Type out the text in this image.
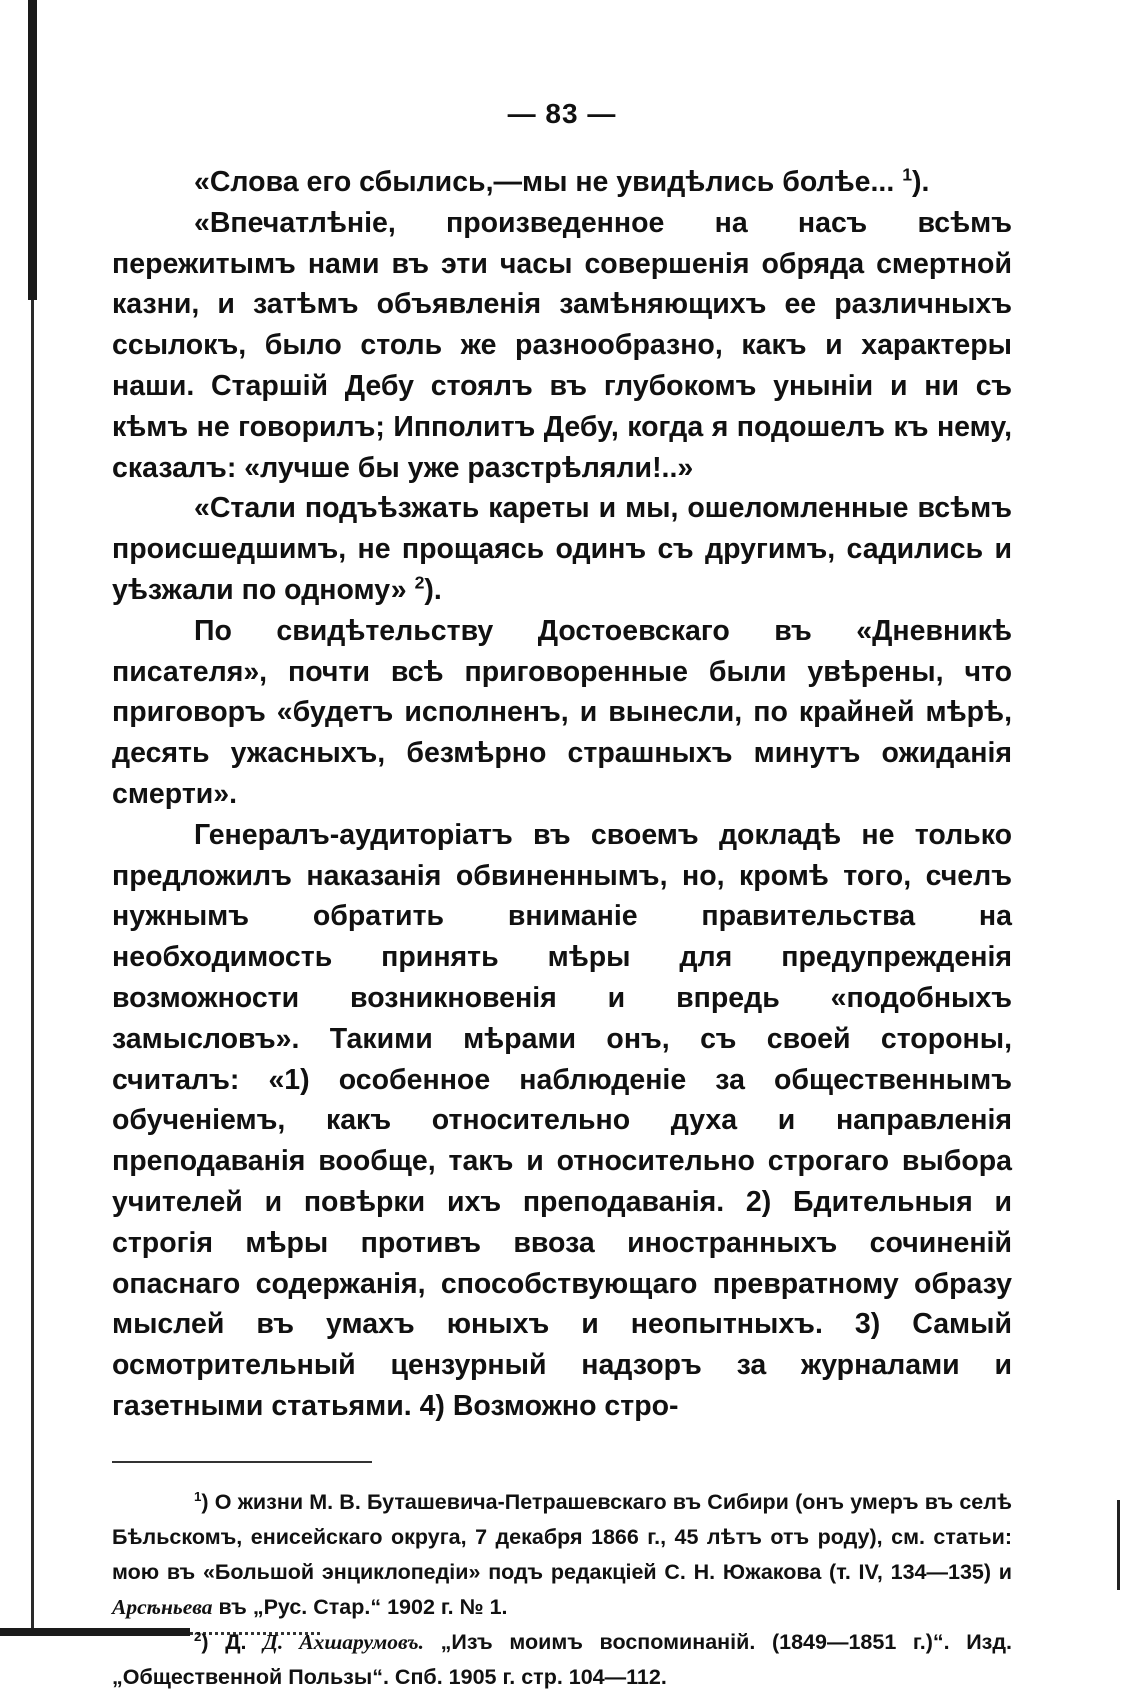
— 83 —

«Слова его сбылись,—мы не увидѣлись болѣе... $^1$).

«Впечатлѣніе, произведенное на насъ всѣмъ пережитымъ нами въ эти часы совершенія обряда смертной казни, и затѣмъ объявленія замѣняющихъ ее различныхъ ссылокъ, было столь же разнообразно, какъ и характеры наши. Старшій Дебу стоялъ въ глубокомъ уныніи и ни съ кѣмъ не говорилъ; Ипполитъ Дебу, когда я подошелъ къ нему, сказалъ: «лучше бы уже разстрѣляли!..»

«Стали подъѣзжать кареты и мы, ошеломленные всѣмъ происшедшимъ, не прощаясь одинъ съ другимъ, садились и уѣзжали по одному» $^2$).

По свидѣтельству Достоевскаго въ «Дневникѣ писателя», почти всѣ приговоренные были увѣрены, что приговоръ «будетъ исполненъ, и вынесли, по крайней мѣрѣ, десять ужасныхъ, безмѣрно страшныхъ минутъ ожиданія смерти».

Генералъ-аудиторіатъ въ своемъ докладѣ не только предложилъ наказанія обвиненнымъ, но, кромѣ того, счелъ нужнымъ обратить вниманіе правительства на необходимость принять мѣры для предупрежденія возможности возникновенія и впредь «подобныхъ замысловъ». Такими мѣрами онъ, съ своей стороны, считалъ: «1) особенное наблюденіе за общественнымъ обученіемъ, какъ относительно духа и направленія преподаванія вообще, такъ и относительно строгаго выбора учителей и повѣрки ихъ преподаванія. 2) Бдительныя и строгія мѣры противъ ввоза иностранныхъ сочиненій опаснаго содержанія, способствующаго превратному образу мыслей въ умахъ юныхъ и неопытныхъ. 3) Самый осмотрительный цензурный надзоръ за журналами и газетными статьями. 4) Возможно стро-

$^1$) О жизни М. В. Буташевича-Петрашевскаго въ Сибири (онъ умеръ въ селѣ Бѣльскомъ, енисейскаго округа, 7 декабря 1866 г., 45 лѣтъ отъ роду), см. статьи: мою въ «Большой энциклопедіи» подъ редакціей С. Н. Южакова (т. IV, 134—135) и Арсѣньева въ „Рус. Стар.“ 1902 г. № 1.

$^2$) Д. Д. Ахшарумовъ. „Изъ моимъ воспоминаній. (1849—1851 г.)“. Изд. „Общественной Пользы“. Спб. 1905 г. стр. 104—112.
